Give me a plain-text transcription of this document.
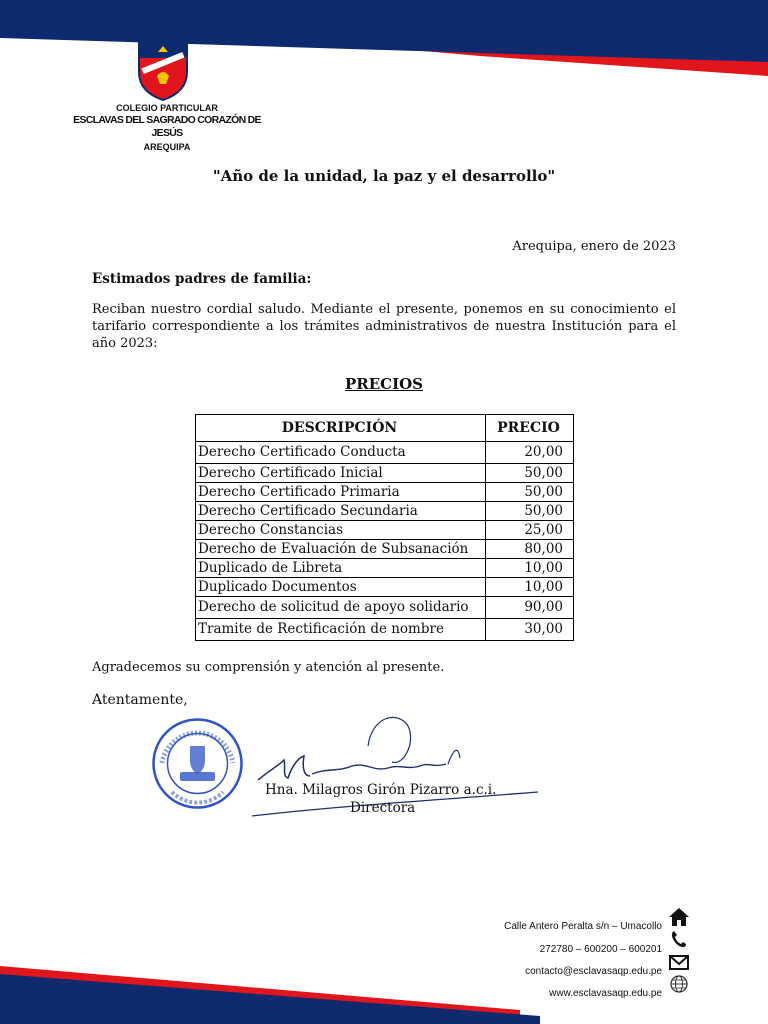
COLEGIO PARTICULAR
ESCLAVAS DEL SAGRADO CORAZÓN DE JESÚS
AREQUIPA
"Año de la unidad, la paz y el desarrollo"
Arequipa, enero de 2023
Estimados padres de familia:
Reciban nuestro cordial saludo. Mediante el presente, ponemos en su conocimiento el tarifario correspondiente a los trámites administrativos de nuestra Institución para el año 2023:
PRECIOS
DESCRIPCIÓN	PRECIO
Derecho Certificado Conducta	20,00
Derecho Certificado Inicial	50,00
Derecho Certificado Primaria	50,00
Derecho Certificado Secundaria	50,00
Derecho Constancias	25,00
Derecho de Evaluación de Subsanación	80,00
Duplicado de Libreta	10,00
Duplicado Documentos	10,00
Derecho de solicitud de apoyo solidario	90,00
Tramite de Rectificación de nombre	30,00
Agradecemos su comprensión y atención al presente.
Atentamente,
Hna. Milagros Girón Pizarro a.c.i.
Directora
Calle Antero Peralta s/n – Umacollo
272780 – 600200 – 600201
contacto@esclavasaqp.edu.pe
www.esclavasaqp.edu.pe
